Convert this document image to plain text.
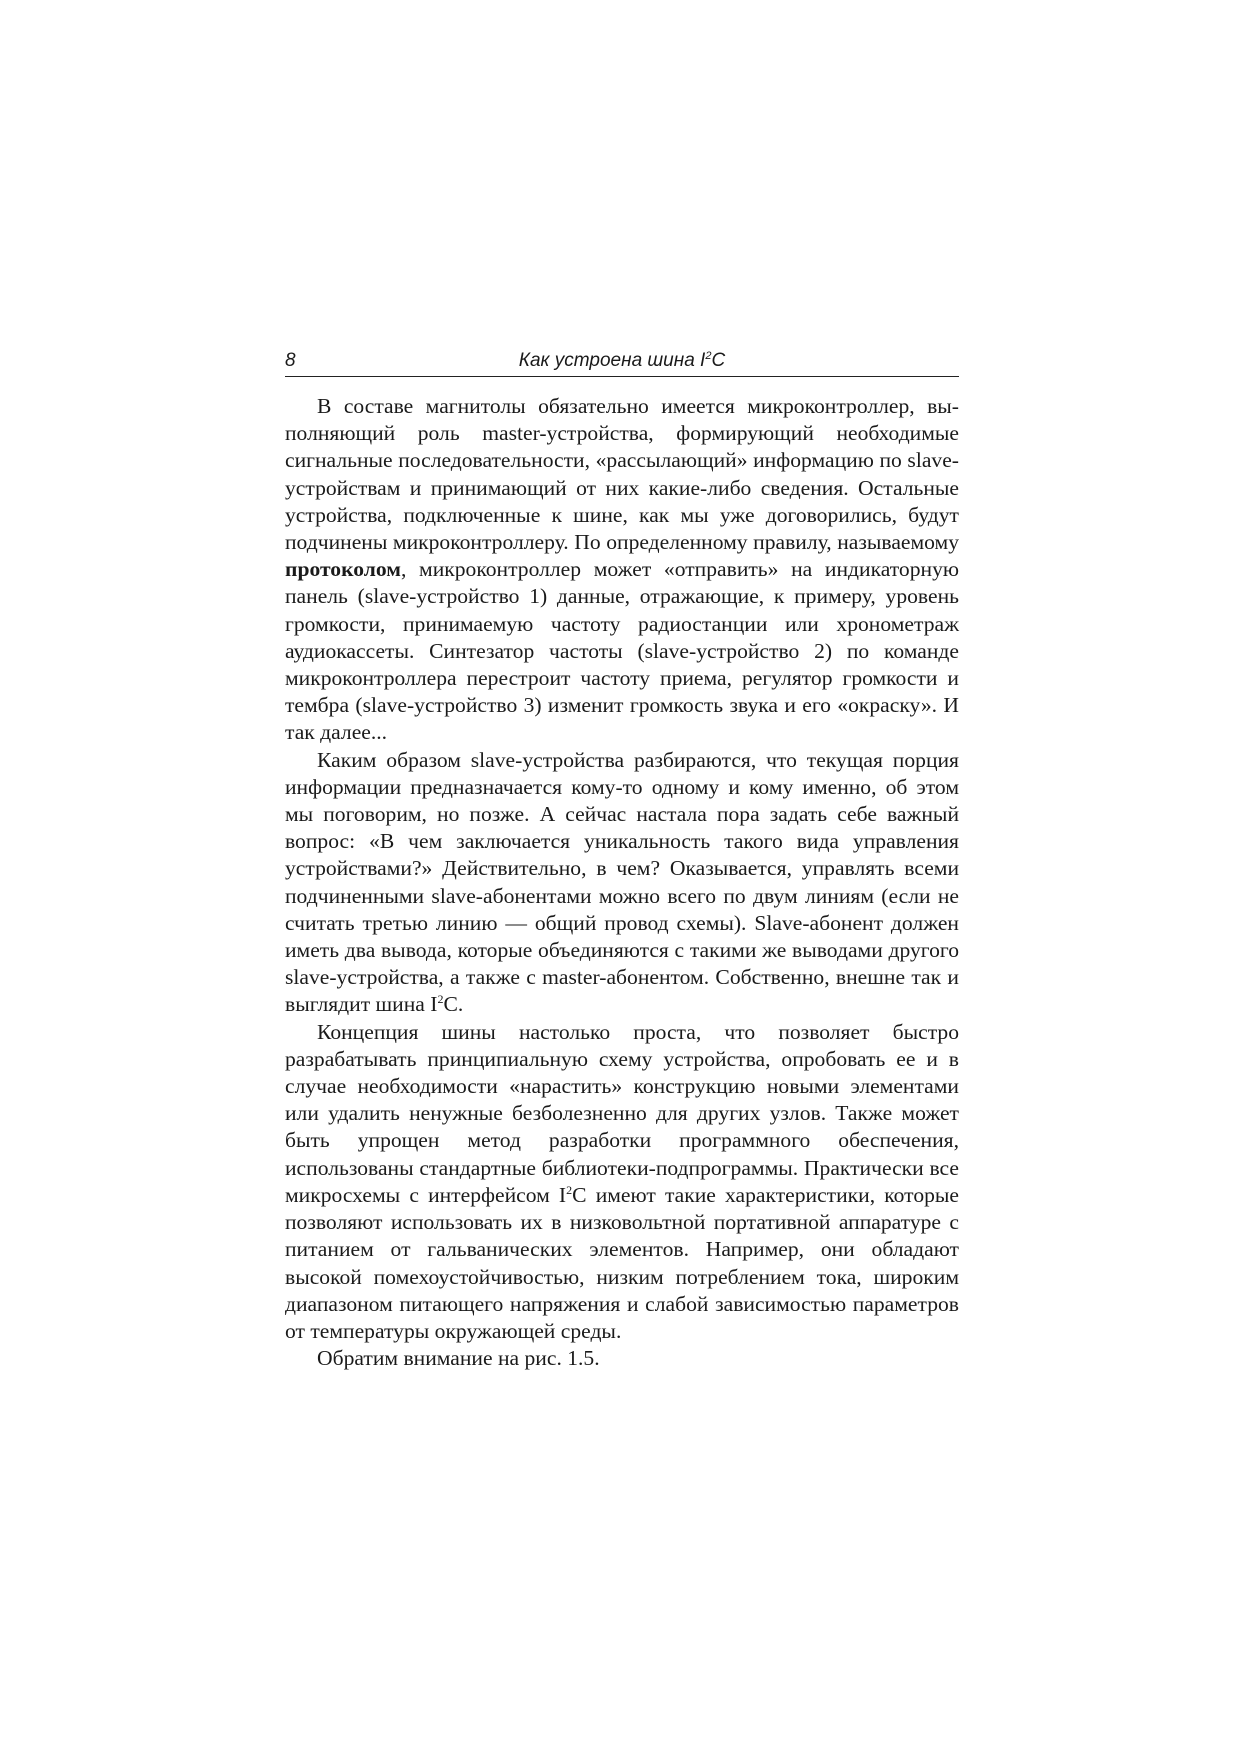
8	Как устроена шина $I^2C$

В составе магнитолы обязательно имеется микроконтроллер, выполняющий роль master-устройства, формирующий необходимые сигнальные последовательности, «рассылающий» информацию по slave-устройствам и принимающий от них какие-либо сведения. Остальные устройства, подключенные к шине, как мы уже договорились, будут подчинены микроконтроллеру. По определенному правилу, называемому протоколом, микроконтроллер может «отправить» на индикаторную панель (slave-устройство 1) данные, отражающие, к примеру, уровень громкости, принимаемую частоту радиостанции или хронометраж аудиокассеты. Синтезатор частоты (slave-устройство 2) по команде микроконтроллера перестроит частоту приема, регулятор громкости и тембра (slave-устройство 3) изменит громкость звука и его «окраску». И так далее...

Каким образом slave-устройства разбираются, что текущая порция информации предназначается кому-то одному и кому именно, об этом мы поговорим, но позже. А сейчас настала пора задать себе важный вопрос: «В чем заключается уникальность такого вида управления устройствами?» Действительно, в чем? Оказывается, управлять всеми подчиненными slave-абонентами можно всего по двум линиям (если не считать третью линию — общий провод схемы). Slave-абонент должен иметь два вывода, которые объединяются с такими же выводами другого slave-устройства, а также с master-абонентом. Собственно, внешне так и выглядит шина $I^2C$.

Концепция шины настолько проста, что позволяет быстро разрабатывать принципиальную схему устройства, опробовать ее и в случае необходимости «нарастить» конструкцию новыми элементами или удалить ненужные безболезненно для других узлов. Также может быть упрощен метод разработки программного обеспечения, использованы стандартные библиотеки-подпрограммы. Практически все микросхемы с интерфейсом $I^2C$ имеют такие характеристики, которые позволяют использовать их в низковольтной портативной аппаратуре с питанием от гальванических элементов. Например, они обладают высокой помехоустойчивостью, низким потреблением тока, широким диапазоном питающего напряжения и слабой зависимостью параметров от температуры окружающей среды.

Обратим внимание на рис. 1.5.
